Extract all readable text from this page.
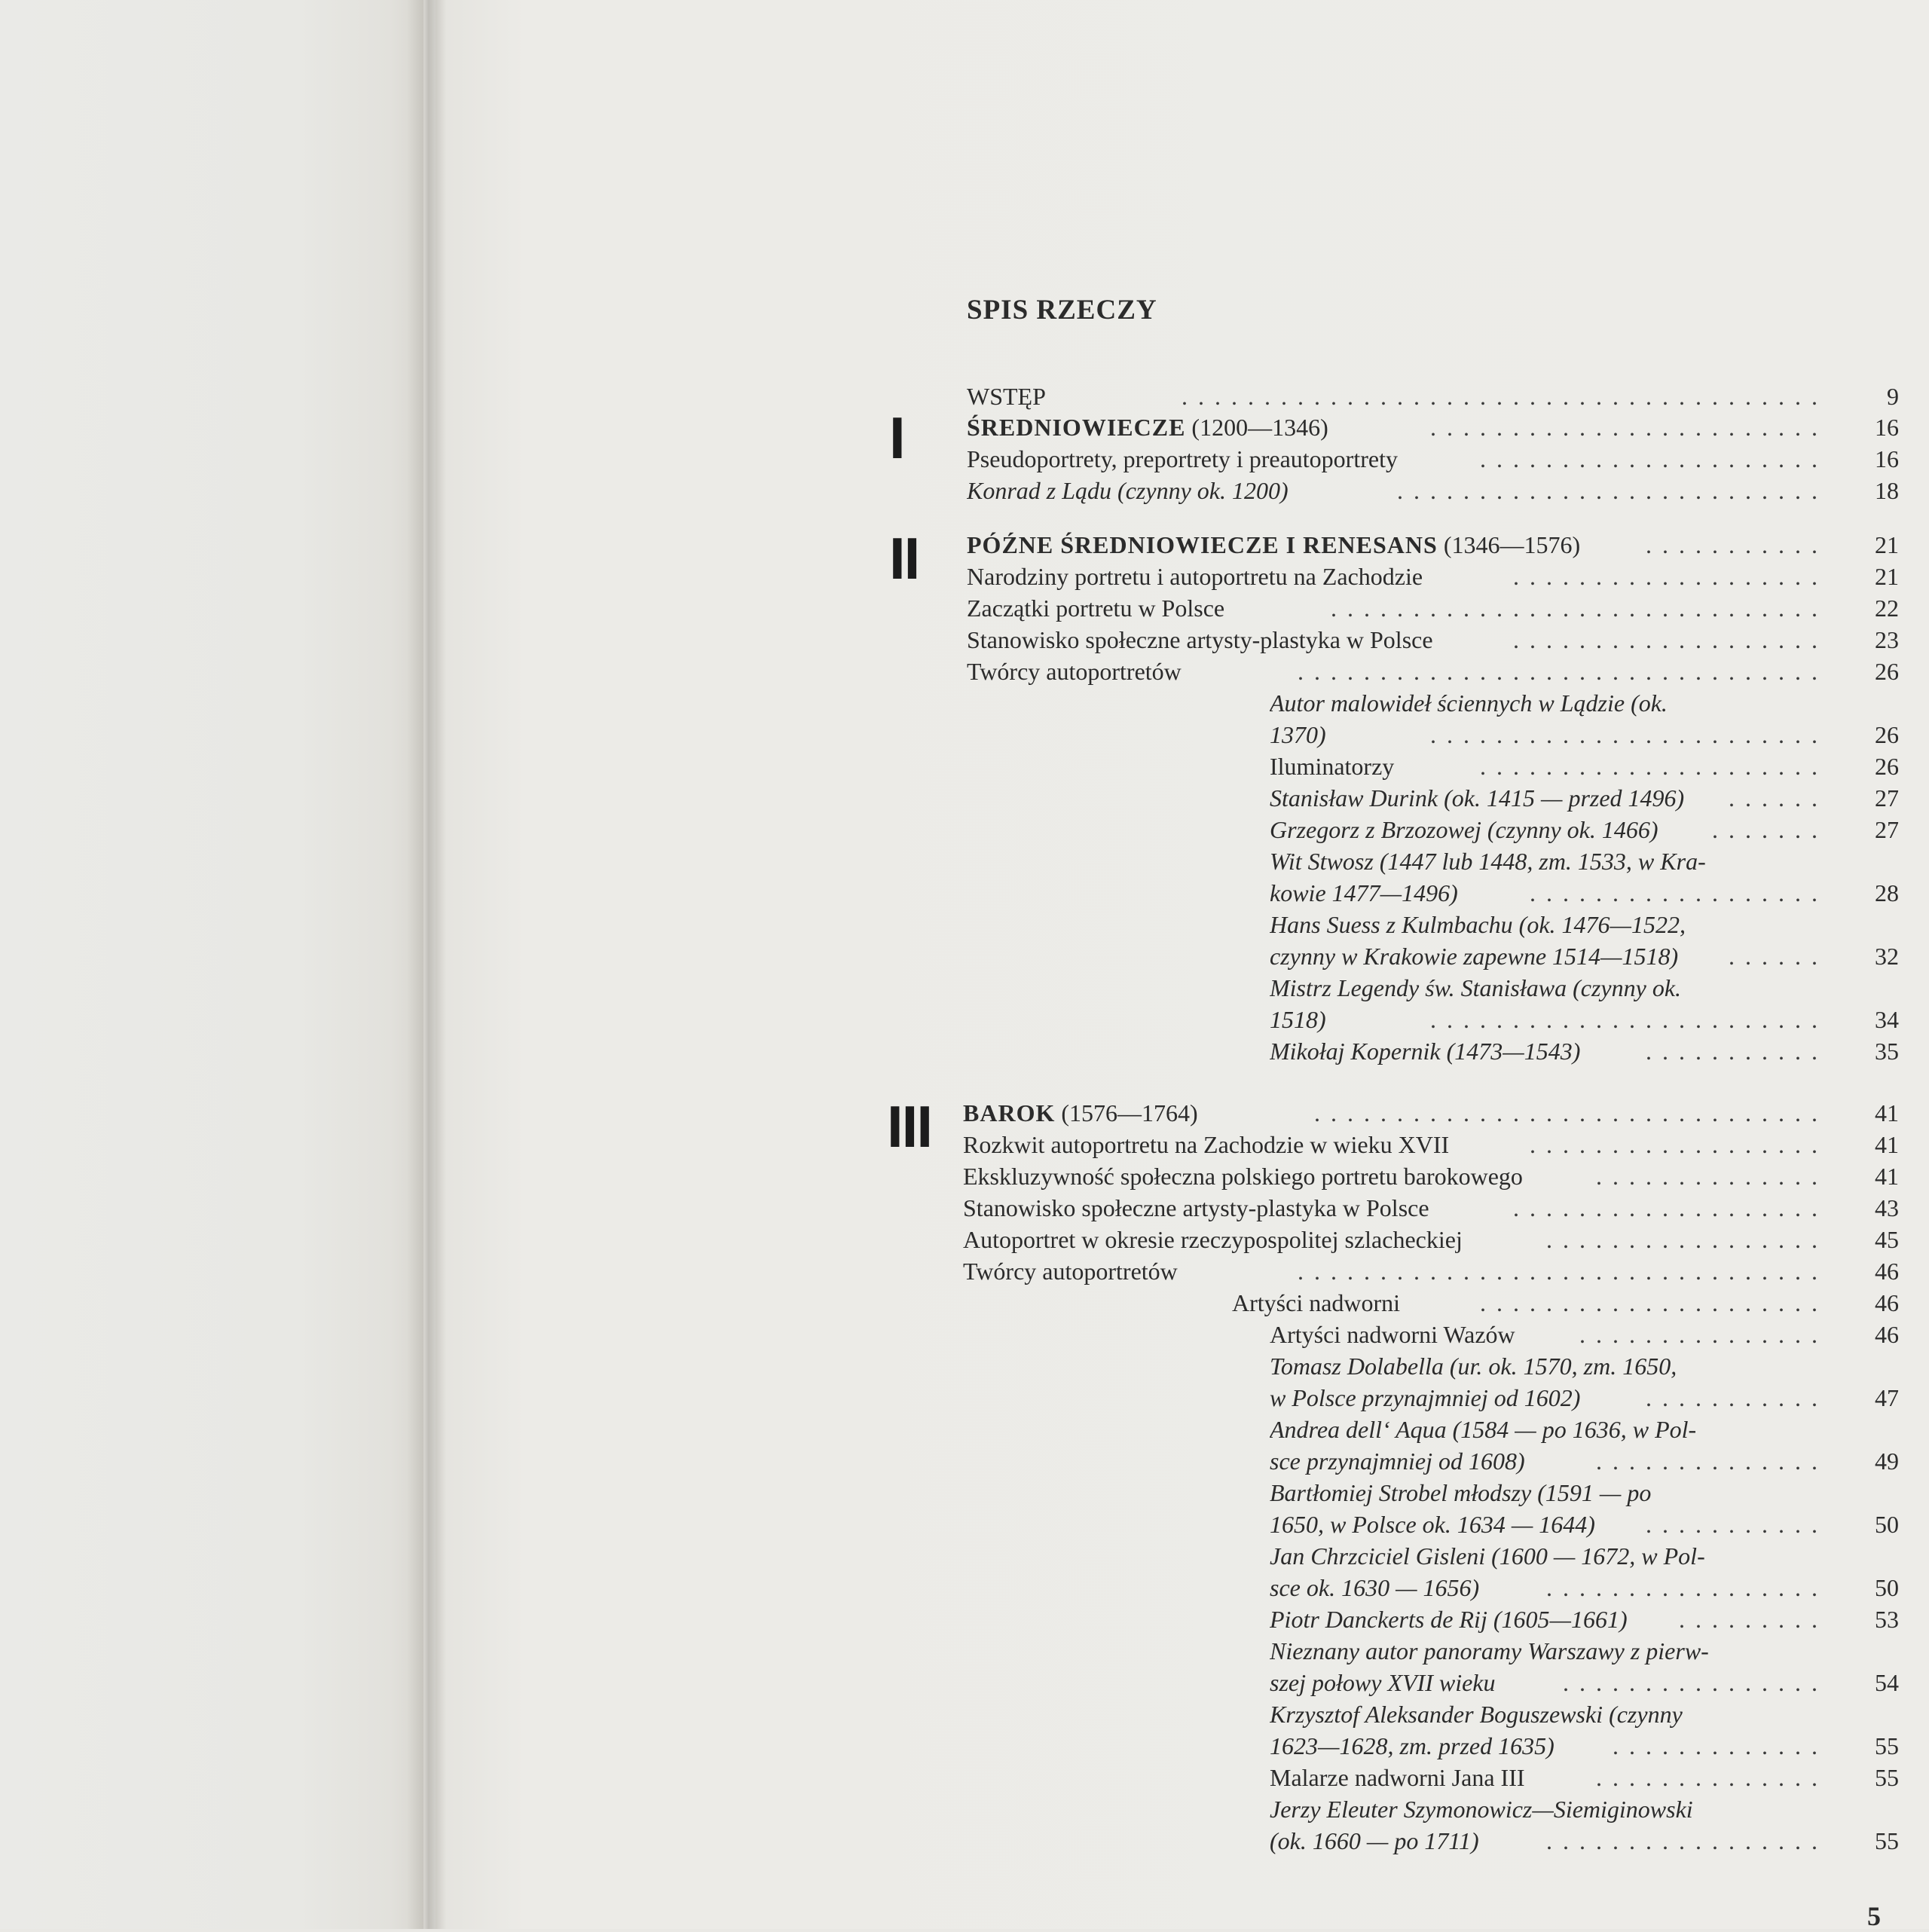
SPIS RZECZY
I
II
III
WSTĘP	.......................................	9
ŚREDNIOWIECZE (1200—1346)	........................	16
Pseudoportrety, preportrety i preautoportrety	.....................	16
Konrad z Lądu (czynny ok. 1200)	..........................	18
PÓŹNE ŚREDNIOWIECZE I RENESANS (1346—1576)	...........	21
Narodziny portretu i autoportretu na Zachodzie	...................	21
Zaczątki portretu w Polsce	..............................	22
Stanowisko społeczne artysty-plastyka w Polsce	...................	23
Twórcy autoportretów	................................	26
Autor malowideł ściennych w Lądzie (ok.
1370)	........................	26
Iluminatorzy	.....................	26
Stanisław Durink (ok. 1415 — przed 1496) ......	27
Grzegorz z Brzozowej (czynny ok. 1466) .......	27
Wit Stwosz (1447 lub 1448, zm. 1533, w Kra-
kowie 1477—1496)	..................	28
Hans Suess z Kulmbachu (ok. 1476—1522,
czynny w Krakowie zapewne 1514—1518) ......	32
Mistrz Legendy św. Stanisława (czynny ok.
1518)	........................	34
Mikołaj Kopernik (1473—1543)	...........	35
BAROK (1576—1764)	...............................	41
Rozkwit autoportretu na Zachodzie w wieku XVII	..................	41
Ekskluzywność społeczna polskiego portretu barokowego	..............	41
Stanowisko społeczne artysty-plastyka w Polsce	...................	43
Autoportret w okresie rzeczypospolitej szlacheckiej	.................	45
Twórcy autoportretów	................................	46
Artyści nadworni	.....................	46
Artyści nadworni Wazów	...............	46
Tomasz Dolabella (ur. ok. 1570, zm. 1650,
w Polsce przynajmniej od 1602)	...........	47
Andrea dell‘ Aqua (1584 — po 1636, w Pol-
sce przynajmniej od 1608)	..............	49
Bartłomiej Strobel młodszy (1591 — po
1650, w Polsce ok. 1634 — 1644) ...........	50
Jan Chrzciciel Gisleni (1600 — 1672, w Pol-
sce ok. 1630 — 1656)	.................	50
Piotr Danckerts de Rij (1605—1661) .........	53
Nieznany autor panoramy Warszawy z pierw-
szej połowy XVII wieku	................	54
Krzysztof Aleksander Boguszewski (czynny
1623—1628, zm. przed 1635) .............	55
Malarze nadworni Jana III	..............	55
Jerzy Eleuter Szymonowicz—Siemiginowski
(ok. 1660 — po 1711)	.................	55
5
